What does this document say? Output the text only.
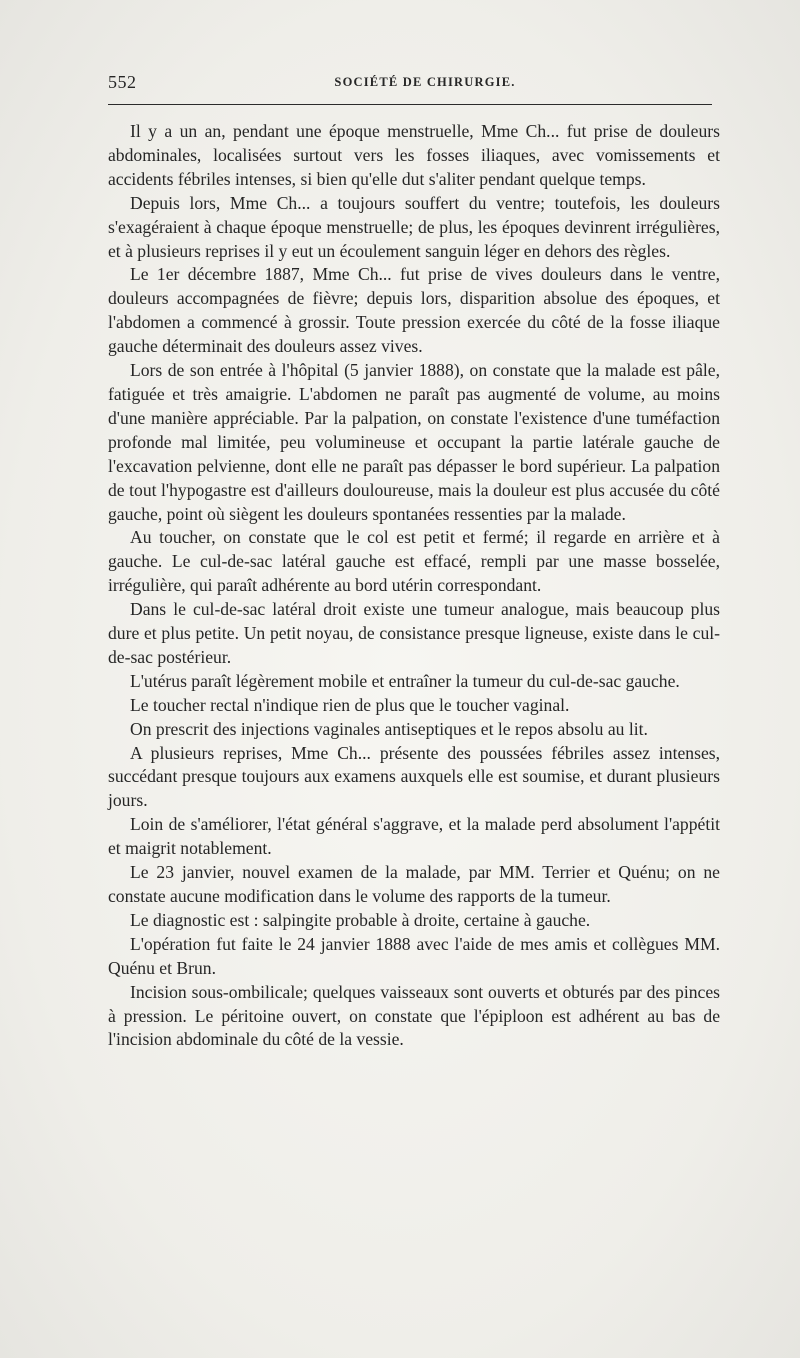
552	SOCIÉTÉ DE CHIRURGIE.

Il y a un an, pendant une époque menstruelle, Mme Ch... fut prise de douleurs abdominales, localisées surtout vers les fosses iliaques, avec vomissements et accidents fébriles intenses, si bien qu'elle dut s'aliter pendant quelque temps.

Depuis lors, Mme Ch... a toujours souffert du ventre; toutefois, les douleurs s'exagéraient à chaque époque menstruelle; de plus, les époques devinrent irrégulières, et à plusieurs reprises il y eut un écoulement sanguin léger en dehors des règles.

Le 1er décembre 1887, Mme Ch... fut prise de vives douleurs dans le ventre, douleurs accompagnées de fièvre; depuis lors, disparition absolue des époques, et l'abdomen a commencé à grossir. Toute pression exercée du côté de la fosse iliaque gauche déterminait des douleurs assez vives.

Lors de son entrée à l'hôpital (5 janvier 1888), on constate que la malade est pâle, fatiguée et très amaigrie. L'abdomen ne paraît pas augmenté de volume, au moins d'une manière appréciable. Par la palpation, on constate l'existence d'une tuméfaction profonde mal limitée, peu volumineuse et occupant la partie latérale gauche de l'excavation pelvienne, dont elle ne paraît pas dépasser le bord supérieur. La palpation de tout l'hypogastre est d'ailleurs douloureuse, mais la douleur est plus accusée du côté gauche, point où siègent les douleurs spontanées ressenties par la malade.

Au toucher, on constate que le col est petit et fermé; il regarde en arrière et à gauche. Le cul-de-sac latéral gauche est effacé, rempli par une masse bosselée, irrégulière, qui paraît adhérente au bord utérin correspondant.

Dans le cul-de-sac latéral droit existe une tumeur analogue, mais beaucoup plus dure et plus petite. Un petit noyau, de consistance presque ligneuse, existe dans le cul-de-sac postérieur.

L'utérus paraît légèrement mobile et entraîner la tumeur du cul-de-sac gauche.

Le toucher rectal n'indique rien de plus que le toucher vaginal.

On prescrit des injections vaginales antiseptiques et le repos absolu au lit.

A plusieurs reprises, Mme Ch... présente des poussées fébriles assez intenses, succédant presque toujours aux examens auxquels elle est soumise, et durant plusieurs jours.

Loin de s'améliorer, l'état général s'aggrave, et la malade perd absolument l'appétit et maigrit notablement.

Le 23 janvier, nouvel examen de la malade, par MM. Terrier et Quénu; on ne constate aucune modification dans le volume des rapports de la tumeur.

Le diagnostic est : salpingite probable à droite, certaine à gauche.

L'opération fut faite le 24 janvier 1888 avec l'aide de mes amis et collègues MM. Quénu et Brun.

Incision sous-ombilicale; quelques vaisseaux sont ouverts et obturés par des pinces à pression. Le péritoine ouvert, on constate que l'épiploon est adhérent au bas de l'incision abdominale du côté de la vessie.
